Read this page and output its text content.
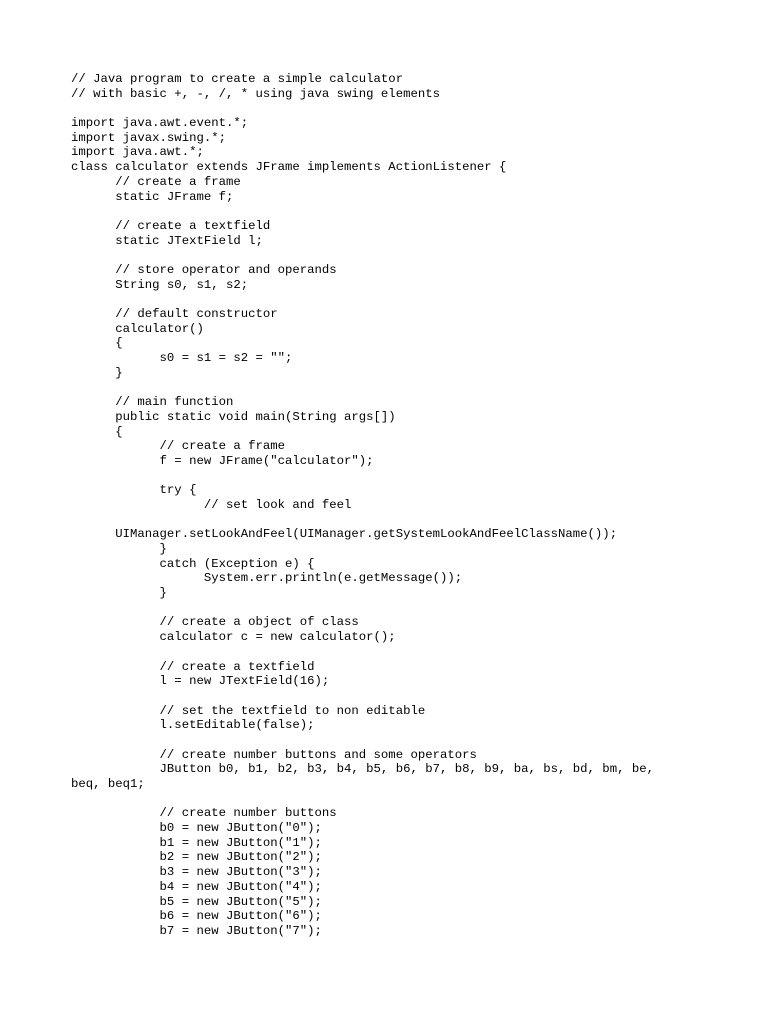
// Java program to create a simple calculator
// with basic +, -, /, * using java swing elements
import java.awt.event.*;
import javax.swing.*;
import java.awt.*;
class calculator extends JFrame implements ActionListener {
// create a frame
static JFrame f;
// create a textfield
static JTextField l;
// store operator and operands
String s0, s1, s2;
// default constructor
calculator()
{
s0 = s1 = s2 = "";
}
// main function
public static void main(String args[])
{
// create a frame
f = new JFrame("calculator");
try {
// set look and feel
UIManager.setLookAndFeel(UIManager.getSystemLookAndFeelClassName());
}
catch (Exception e) {
System.err.println(e.getMessage());
}
// create a object of class
calculator c = new calculator();
// create a textfield
l = new JTextField(16);
// set the textfield to non editable
l.setEditable(false);
// create number buttons and some operators
JButton b0, b1, b2, b3, b4, b5, b6, b7, b8, b9, ba, bs, bd, bm, be,
beq, beq1;
// create number buttons
b0 = new JButton("0");
b1 = new JButton("1");
b2 = new JButton("2");
b3 = new JButton("3");
b4 = new JButton("4");
b5 = new JButton("5");
b6 = new JButton("6");
b7 = new JButton("7");
